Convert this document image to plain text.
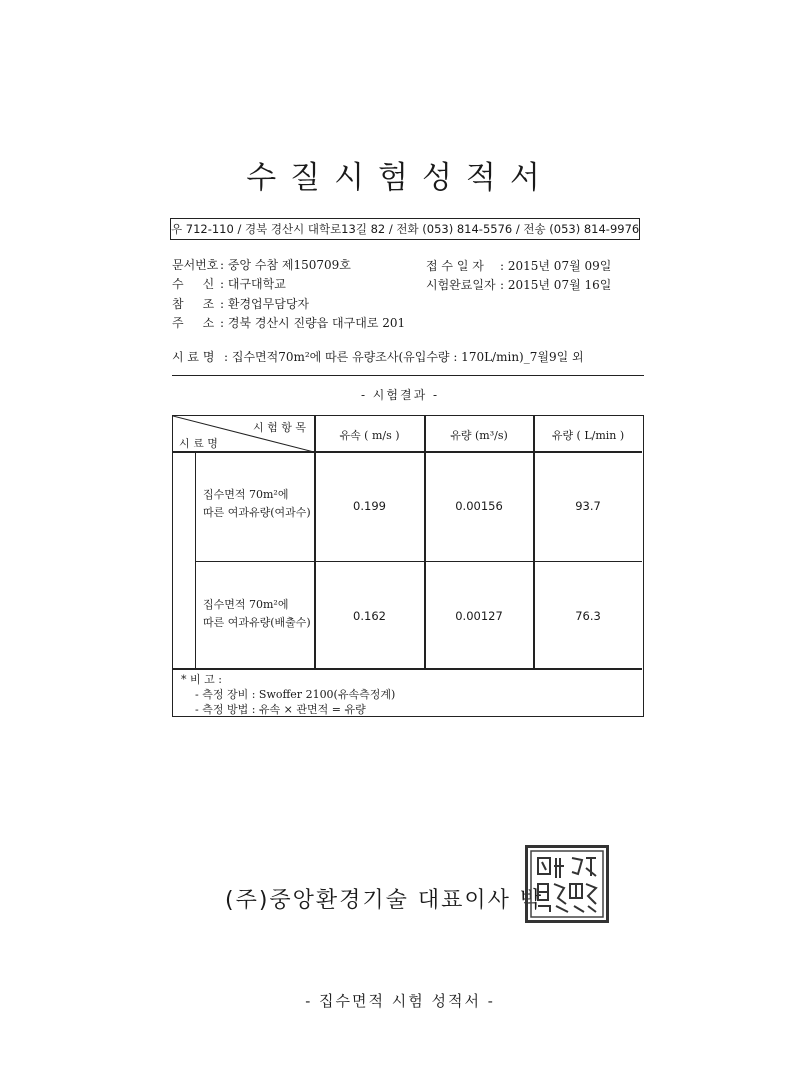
수질시험성적서
우 712-110 / 경북 경산시 대학로13길 82 / 전화 (053) 814-5576 / 전송 (053) 814-9976
문서번호 : 중앙 수참 제150709호
수     신 : 대구대학교
참     조 : 환경업무담당자
주     소 : 경북 경산시 진량읍 대구대로 201
접 수 일 자 : 2015년 07월 09일
시험완료일자 : 2015년 07월 16일
시 료 명 : 집수면적70m²에 따른 유량조사(유입수량 : 170L/min)_7월9일 외
- 시험결과 -
시 험 항 목
시 료 명
유속 ( m/s )	유량 (m³/s)	유량 ( L/min )
집수면적 70m²에
따른 여과유량(여과수)	0.199	0.00156	93.7
집수면적 70m²에
따른 여과유량(배출수)	0.162	0.00127	76.3
* 비 고 :
- 측정 장비 : Swoffer 2100(유속측정계)
- 측정 방법 : 유속 × 관면적 = 유량
(주)중앙환경기술 대표이사 박
- 집수면적 시험 성적서 -
